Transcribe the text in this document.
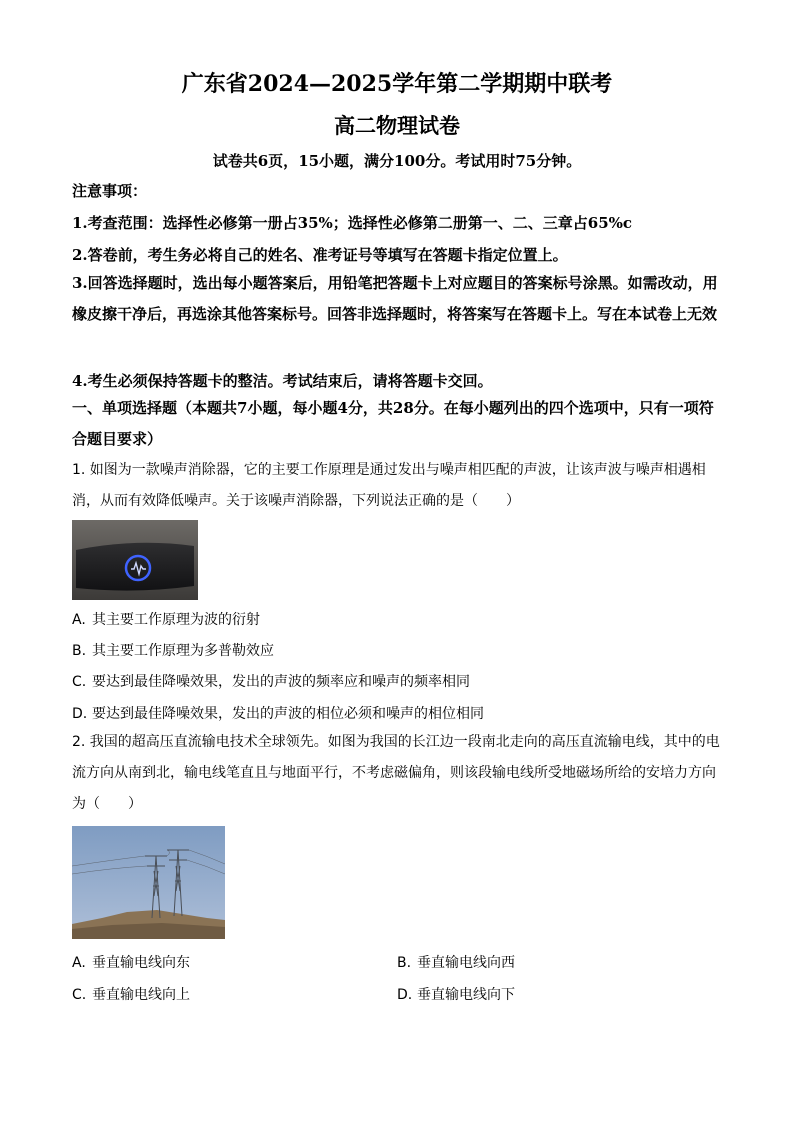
广东省2024—2025学年第二学期期中联考
高二物理试卷
试卷共6页，15小题，满分100分。考试用时75分钟。
注意事项：
1.考查范围：选择性必修第一册占35%；选择性必修第二册第一、二、三章占65%c
2.答卷前，考生务必将自己的姓名、准考证号等填写在答题卡指定位置上。
3.回答选择题时，选出每小题答案后，用铅笔把答题卡上对应题目的答案标号涂黑。如需改动，用橡皮擦干净后，再选涂其他答案标号。回答非选择题时，将答案写在答题卡上。写在本试卷上无效
4.考生必须保持答题卡的整洁。考试结束后，请将答题卡交回。
一、单项选择题（本题共7小题，每小题4分，共28分。在每小题列出的四个选项中，只有一项符合题目要求）
1. 如图为一款噪声消除器，它的主要工作原理是通过发出与噪声相匹配的声波，让该声波与噪声相遇相消，从而有效降低噪声。关于该噪声消除器，下列说法正确的是（　　）
A. 其主要工作原理为波的衍射
B. 其主要工作原理为多普勒效应
C. 要达到最佳降噪效果，发出的声波的频率应和噪声的频率相同
D. 要达到最佳降噪效果，发出的声波的相位必须和噪声的相位相同
2. 我国的超高压直流输电技术全球领先。如图为我国的长江边一段南北走向的高压直流输电线，其中的电流方向从南到北，输电线笔直且与地面平行，不考虑磁偏角，则该段输电线所受地磁场所给的安培力方向为（　　）
A. 垂直输电线向东	B. 垂直输电线向西
C. 垂直输电线向上	D. 垂直输电线向下
